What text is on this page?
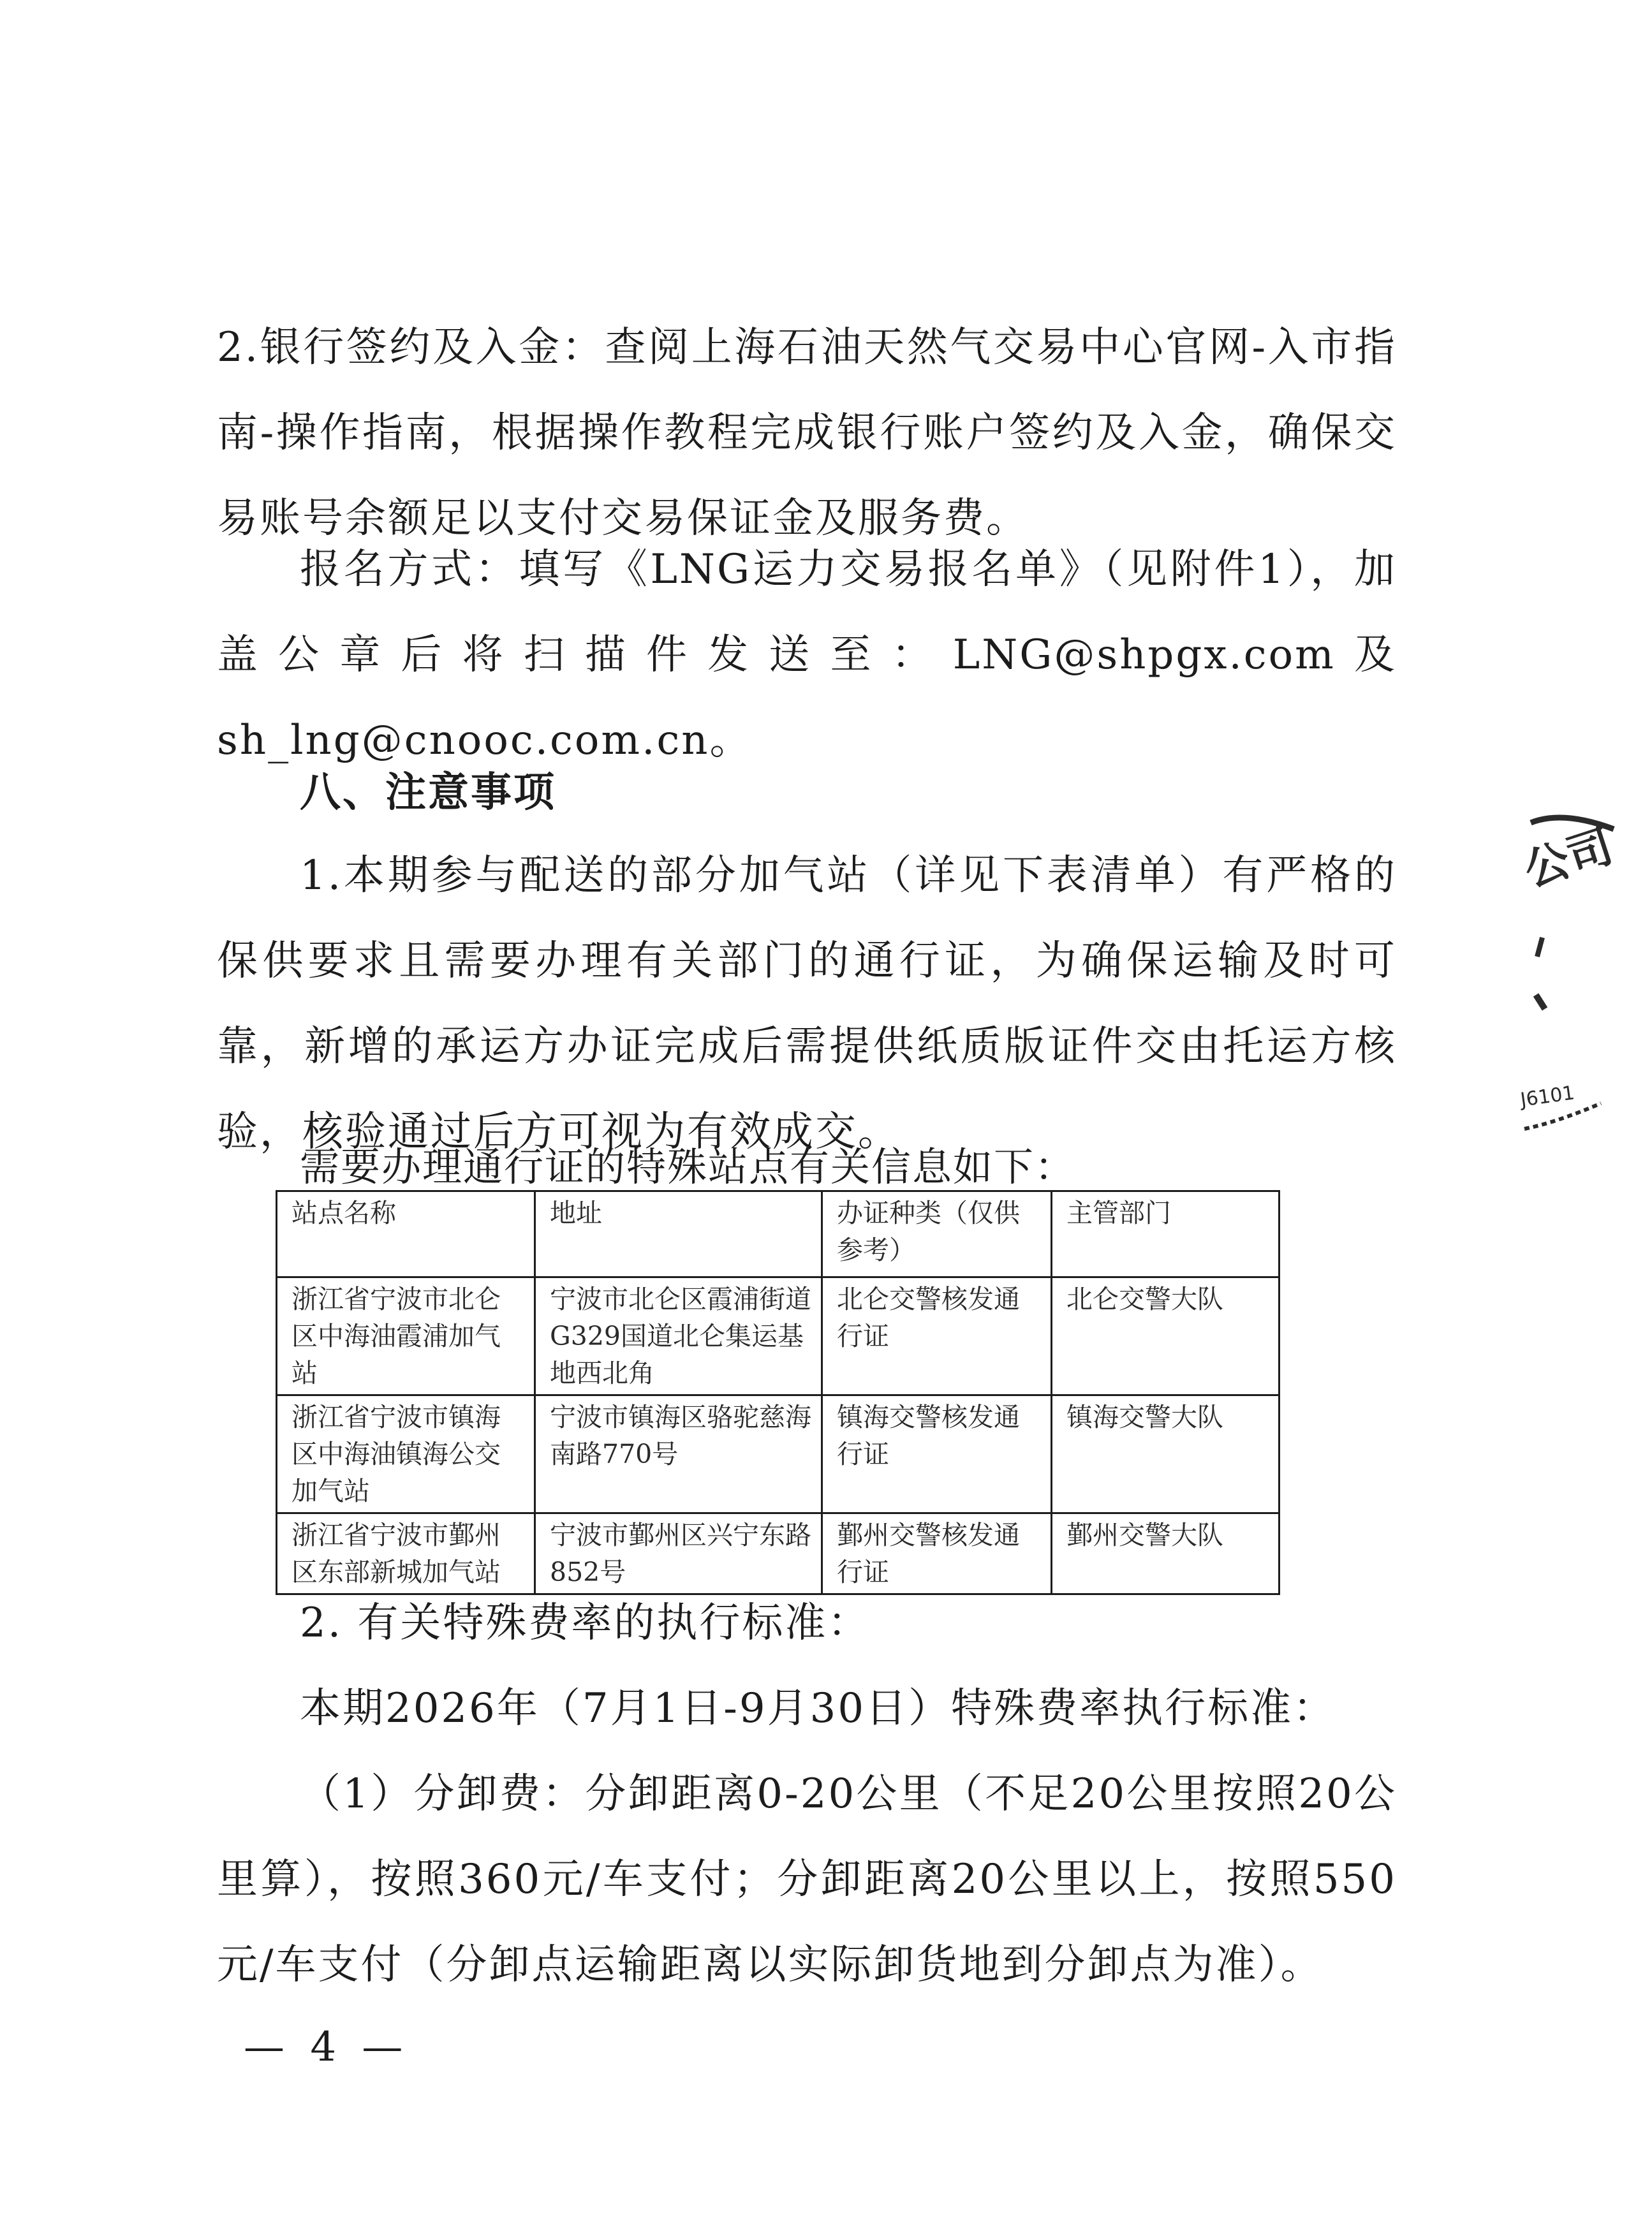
2.银行签约及入金：查阅上海石油天然气交易中心官网-入市指南-操作指南，根据操作教程完成银行账户签约及入金，确保交易账号余额足以支付交易保证金及服务费。

报名方式：填写《LNG运力交易报名单》（见附件1），加盖公章后将扫描件发送至：LNG@shpgx.com及sh_lng@cnooc.com.cn。

八、注意事项

1.本期参与配送的部分加气站（详见下表清单）有严格的保供要求且需要办理有关部门的通行证，为确保运输及时可靠，新增的承运方办证完成后需提供纸质版证件交由托运方核验，核验通过后方可视为有效成交。

需要办理通行证的特殊站点有关信息如下：

站点名称	地址	办证种类（仅供参考）	主管部门
浙江省宁波市北仑区中海油霞浦加气站	宁波市北仑区霞浦街道G329国道北仑集运基地西北角	北仑交警核发通行证	北仑交警大队
浙江省宁波市镇海区中海油镇海公交加气站	宁波市镇海区骆驼慈海南路770号	镇海交警核发通行证	镇海交警大队
浙江省宁波市鄞州区东部新城加气站	宁波市鄞州区兴宁东路852号	鄞州交警核发通行证	鄞州交警大队

2. 有关特殊费率的执行标准：

本期2026年（7月1日-9月30日）特殊费率执行标准：

（1）分卸费：分卸距离0-20公里（不足20公里按照20公里算），按照360元/车支付；分卸距离20公里以上，按照550元/车支付（分卸点运输距离以实际卸货地到分卸点为准）。

— 4 —

公司
J6101
